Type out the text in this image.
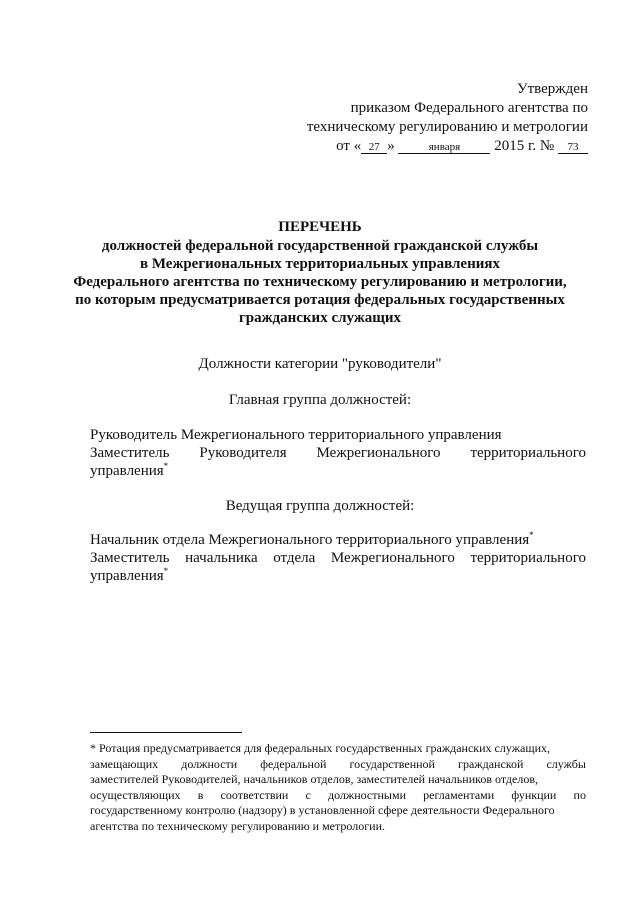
Утвержден
приказом Федерального агентства по
техническому регулированию и метрологии
от « 27 »	января 2015 г. № 73
ПЕРЕЧЕНЬ
должностей федеральной государственной гражданской службы
в Межрегиональных территориальных управлениях
Федерального агентства по техническому регулированию и метрологии,
по которым предусматривается ротация федеральных государственных
гражданских служащих
Должности категории "руководители"
Главная группа должностей:
Руководитель Межрегионального территориального управления
Заместитель Руководителя Межрегионального территориального
управления*
Ведущая группа должностей:
Начальник отдела Межрегионального территориального управления*
Заместитель начальника отдела Межрегионального территориального
управления*
* Ротация предусматривается для федеральных государственных гражданских служащих,
замещающих должности федеральной государственной гражданской службы
заместителей Руководителей, начальников отделов, заместителей начальников отделов,
осуществляющих в соответствии с должностными регламентами функции по
государственному контролю (надзору) в установленной сфере деятельности Федерального
агентства по техническому регулированию и метрологии.
